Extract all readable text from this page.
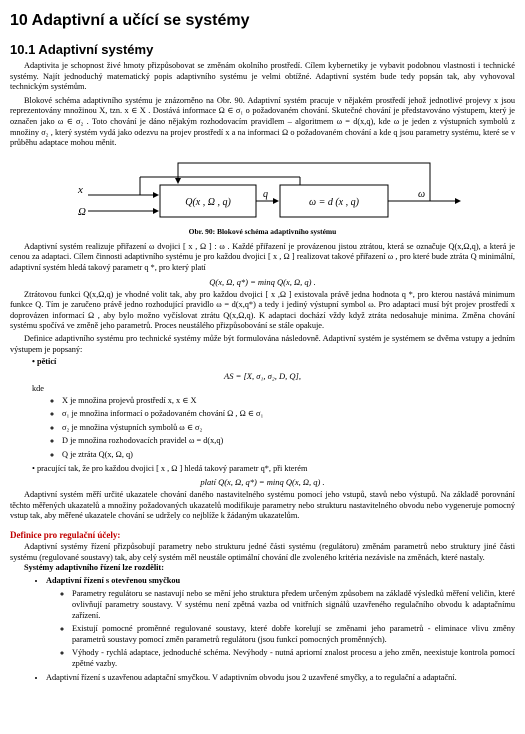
10 Adaptivní a učící se systémy
10.1 Adaptivní systémy

Adaptivita je schopnost živé hmoty přizpůsobovat se změnám okolního prostředí. Cílem kybernetiky je vybavit podobnou vlastnosti i technické systémy. Najít jednoduchý matematický popis adaptivního systému je velmi obtížné. Adaptivní systém bude tedy popsán tak, aby vyhovoval technickým systémům.

Blokové schéma adaptivního systému je znázorněno na Obr. 90. Adaptivní systém pracuje v nějakém prostředí jehož jednotlivé projevy x jsou reprezentovány množinou X, tzn. x ∈ X . Dostává informace Ω ∈ σ₁ o požadovaném chování. Skutečné chování je představováno výstupem, který je označen jako ω ∈ σ₂ . Toto chování je dáno nějakým rozhodovacím pravidlem – algoritmem ω = d(x,q), kde ω je jeden z výstupních symbolů z množiny σ₂ , který systém vydá jako odezvu na projev prostředí x a na informaci Ω o požadovaném chování a kde q jsou parametry systému, které se v průběhu adaptace mohou měnit.

x
Ω
Q(x , Ω , q)
q
ω = d (x , q)
ω
Obr. 90: Blokové schéma adaptivního systému

Adaptivní systém realizuje přiřazení ω dvojici [ x , Ω ] : ω . Každé přiřazení je provázenou jistou ztrátou, která se označuje Q(x,Ω,q), a která je cenou za adaptaci. Cílem činnosti adaptivního systému je pro každou dvojici [ x , Ω ] realizovat takové přiřazení ω , pro které bude ztráta Q minimální, adaptivní systém hledá takový parametr q *, pro který platí

Q(x, Ω, q*) = minq Q(x, Ω, q) .

Ztrátovou funkci Q(x,Ω,q) je vhodné volit tak, aby pro každou dvojici [ x ,Ω ] existovala právě jedna hodnota q *, pro kterou nastává minimum funkce Q. Tím je zaručeno právě jedno rozhodující pravidlo ω = d(x,q*) a tedy i jediný výstupní symbol ω. Pro adaptaci musí být projev prostředí x doprovázen informací Ω , aby bylo možno vyčíslovat ztrátu Q(x,Ω,q). K adaptaci dochází vždy když ztráta nedosahuje minima. Změna chování systému spočívá ve změně jeho parametrů. Proces neustálého přizpůsobování se stále opakuje.

Definice adaptivního systému pro technické systémy může být formulována následovně. Adaptivní systém je systémem se dvěma vstupy a jedním výstupem je popsaný:

• pěticí
AS = [X, σ₁, σ₂, D, Q],
kde
◦ X je množina projevů prostředí x, x ∈ X
◦ σ₁ je množina informací o požadovaném chování Ω , Ω ∈ σ₁
◦ σ₂ je množina výstupních symbolů ω ∈ σ₂
◦ D je množina rozhodovacích pravidel ω = d(x,q)
◦ Q je ztráta Q(x, Ω, q)
• pracující tak, že pro každou dvojici [ x , Ω ] hledá takový parametr q*, při kterém
platí Q(x, Ω, q*) = minq Q(x, Ω, q) .

Adaptivní systém měří určité ukazatele chování daného nastavitelného systému pomocí jeho vstupů, stavů nebo výstupů. Na základě porovnání těchto měřených ukazatelů a množiny požadovaných ukazatelů modifikuje parametry nebo strukturu nastavitelného obvodu nebo vygeneruje pomocný vstup tak, aby měřené ukazatele chování se udržely co nejblíže k žádaným ukazatelům.

Definice pro regulační účely:

Adaptivní systémy řízení přizpůsobují parametry nebo strukturu jedné části systému (regulátoru) změnám parametrů nebo struktury jiné části systému (regulované soustavy) tak, aby celý systém měl neustále optimální chování dle zvoleného kritéria nezávisle na změnách, které nastaly.

Systémy adaptivního řízení lze rozdělit:

• Adaptivní řízení s otevřenou smyčkou
◦ Parametry regulátoru se nastavují nebo se mění jeho struktura předem určeným způsobem na základě výsledků měření veličin, které ovlivňují parametry soustavy. V systému není zpětná vazba od vnitřních signálů uzavřeného regulačního obvodu k adaptačnímu zařízení.
◦ Existují pomocné proměnné regulované soustavy, které dobře korelují se změnami jeho parametrů - eliminace vlivu změny parametrů soustavy pomocí změn parametrů regulátoru (jsou funkcí pomocných proměnných).
◦ Výhody - rychlá adaptace, jednoduché schéma. Nevýhody - nutná apriorní znalost procesu a jeho změn, neexistuje kontrola pomocí zpětné vazby.
• Adaptivní řízení s uzavřenou adaptační smyčkou. V adaptivním obvodu jsou 2 uzavřené smyčky, a to regulační a adaptační.
